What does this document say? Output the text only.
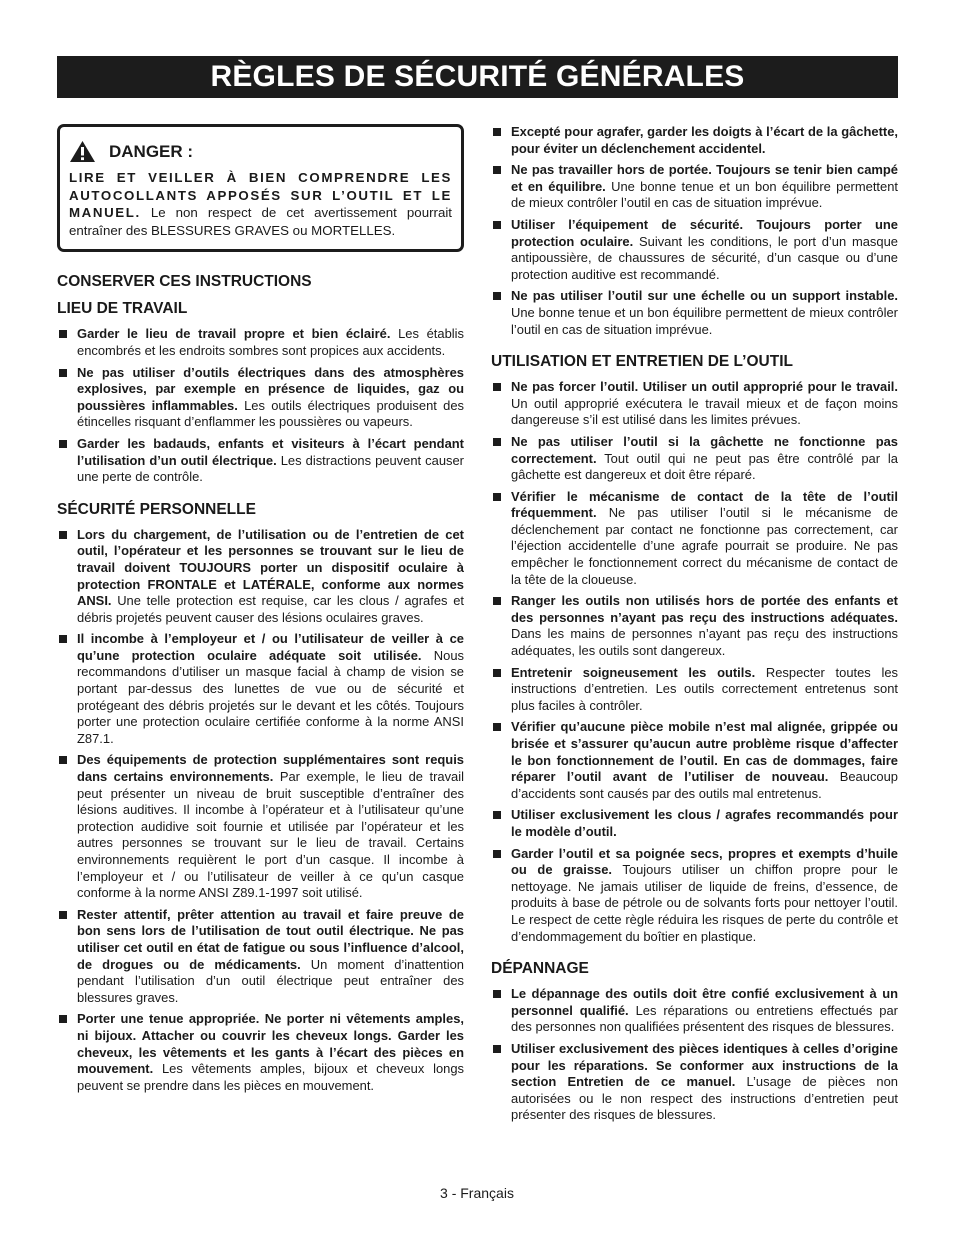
RÈGLES DE SÉCURITÉ GÉNÉRALES
DANGER :
LIRE ET VEILLER À BIEN COMPRENDRE LES AUTOCOLLANTS APPOSÉS SUR L’OUTIL ET LE MANUEL. Le non respect de cet avertissement pourrait entraîner des BLESSURES GRAVES ou MORTELLES.
CONSERVER CES INSTRUCTIONS
LIEU DE TRAVAIL
Garder le lieu de travail propre et bien éclairé. Les établis encombrés et les endroits sombres sont propices aux accidents.
Ne pas utiliser d’outils électriques dans des atmosphères explosives, par exemple en présence de liquides, gaz ou poussières inflammables. Les outils électriques produisent des étincelles risquant d’enflammer les poussières ou vapeurs.
Garder les badauds, enfants et visiteurs à l’écart pendant l’utilisation d’un outil électrique. Les distractions peuvent causer une perte de contrôle.
SÉCURITÉ PERSONNELLE
Lors du chargement, de l’utilisation ou de l’entretien de cet outil, l’opérateur et les personnes se trouvant sur le lieu de travail doivent TOUJOURS porter un dispositif oculaire à protection FRONTALE et LATÉRALE, conforme aux normes ANSI. Une telle protection est requise, car les clous / agrafes et débris projetés peuvent causer des lésions oculaires graves.
Il incombe à l’employeur et / ou l’utilisateur de veiller à ce qu’une protection oculaire adéquate soit utilisée. Nous recommandons d’utiliser un masque facial à champ de vision se portant par-dessus des lunettes de vue ou de sécurité et protégeant des débris projetés sur le devant et les côtés. Toujours porter une protection oculaire certifiée conforme à la norme ANSI Z87.1.
Des équipements de protection supplémentaires sont requis dans certains environnements. Par exemple, le lieu de travail peut présenter un niveau de bruit susceptible d’entraîner des lésions auditives. Il incombe à l’opérateur et à l’utilisateur qu’une protection audidive soit fournie et utilisée par l’opérateur et les autres personnes se trouvant sur le lieu de travail. Certains environnements requièrent le port d’un casque. Il incombe à l’employeur et / ou l’utilisateur de veiller à ce qu’un casque conforme à la norme ANSI Z89.1-1997 soit utilisé.
Rester attentif, prêter attention au travail et faire preuve de bon sens lors de l’utilisation de tout outil électrique. Ne pas utiliser cet outil en état de fatigue ou sous l’influence d’alcool, de drogues ou de médicaments. Un moment d’inattention pendant l’utilisation d’un outil électrique peut entraîner des blessures graves.
Porter une tenue appropriée. Ne porter ni vêtements amples, ni bijoux. Attacher ou couvrir les cheveux longs. Garder les cheveux, les vêtements et les gants à l’écart des pièces en mouvement. Les vêtements amples, bijoux et cheveux longs peuvent se prendre dans les pièces en mouvement.
Excepté pour agrafer, garder les doigts à l’écart de la gâchette, pour éviter un déclenchement accidentel.
Ne pas travailler hors de portée. Toujours se tenir bien campé et en équilibre. Une bonne tenue et un bon équilibre permettent de mieux contrôler l’outil en cas de situation imprévue.
Utiliser l’équipement de sécurité. Toujours porter une protection oculaire. Suivant les conditions, le port d’un masque antipoussière, de chaussures de sécurité, d’un casque ou d’une protection auditive est recommandé.
Ne pas utiliser l’outil sur une échelle ou un support instable. Une bonne tenue et un bon équilibre permettent de mieux contrôler l’outil en cas de situation imprévue.
UTILISATION ET ENTRETIEN DE L’OUTIL
Ne pas forcer l’outil. Utiliser un outil approprié pour le travail. Un outil approprié exécutera le travail mieux et de façon moins dangereuse s’il est utilisé dans les limites prévues.
Ne pas utiliser l’outil si la gâchette ne fonctionne pas correctement. Tout outil qui ne peut pas être contrôlé par la gâchette est dangereux et doit être réparé.
Vérifier le mécanisme de contact de la tête de l’outil fréquemment. Ne pas utiliser l’outil si le mécanisme de déclenchement par contact ne fonctionne pas correctement, car l’éjection accidentelle d’une agrafe pourrait se produire. Ne pas empêcher le fonctionnement correct du mécanisme de contact de la tête de la cloueuse.
Ranger les outils non utilisés hors de portée des enfants et des personnes n’ayant pas reçu des instructions adéquates. Dans les mains de personnes n’ayant pas reçu des instructions adéquates, les outils sont dangereux.
Entretenir soigneusement les outils. Respecter toutes les instructions d’entretien. Les outils correctement entretenus sont plus faciles à contrôler.
Vérifier qu’aucune pièce mobile n’est mal alignée, grippée ou brisée et s’assurer qu’aucun autre problème risque d’affecter le bon fonctionnement de l’outil. En cas de dommages, faire réparer l’outil avant de l’utiliser de nouveau. Beaucoup d’accidents sont causés par des outils mal entretenus.
Utiliser exclusivement les clous / agrafes recommandés pour le modèle d’outil.
Garder l’outil et sa poignée secs, propres et exempts d’huile ou de graisse. Toujours utiliser un chiffon propre pour le nettoyage. Ne jamais utiliser de liquide de freins, d’essence, de produits à base de pétrole ou de solvants forts pour nettoyer l’outil. Le respect de cette règle réduira les risques de perte du contrôle et d’endommagement du boîtier en plastique.
DÉPANNAGE
Le dépannage des outils doit être confié exclusivement à un personnel qualifié. Les réparations ou entretiens effectués par des personnes non qualifiées présentent des risques de blessures.
Utiliser exclusivement des pièces identiques à celles d’origine pour les réparations. Se conformer aux instructions de la section Entretien de ce manuel. L’usage de pièces non autorisées ou le non respect des instructions d’entretien peut présenter des risques de blessures.
3 - Français
